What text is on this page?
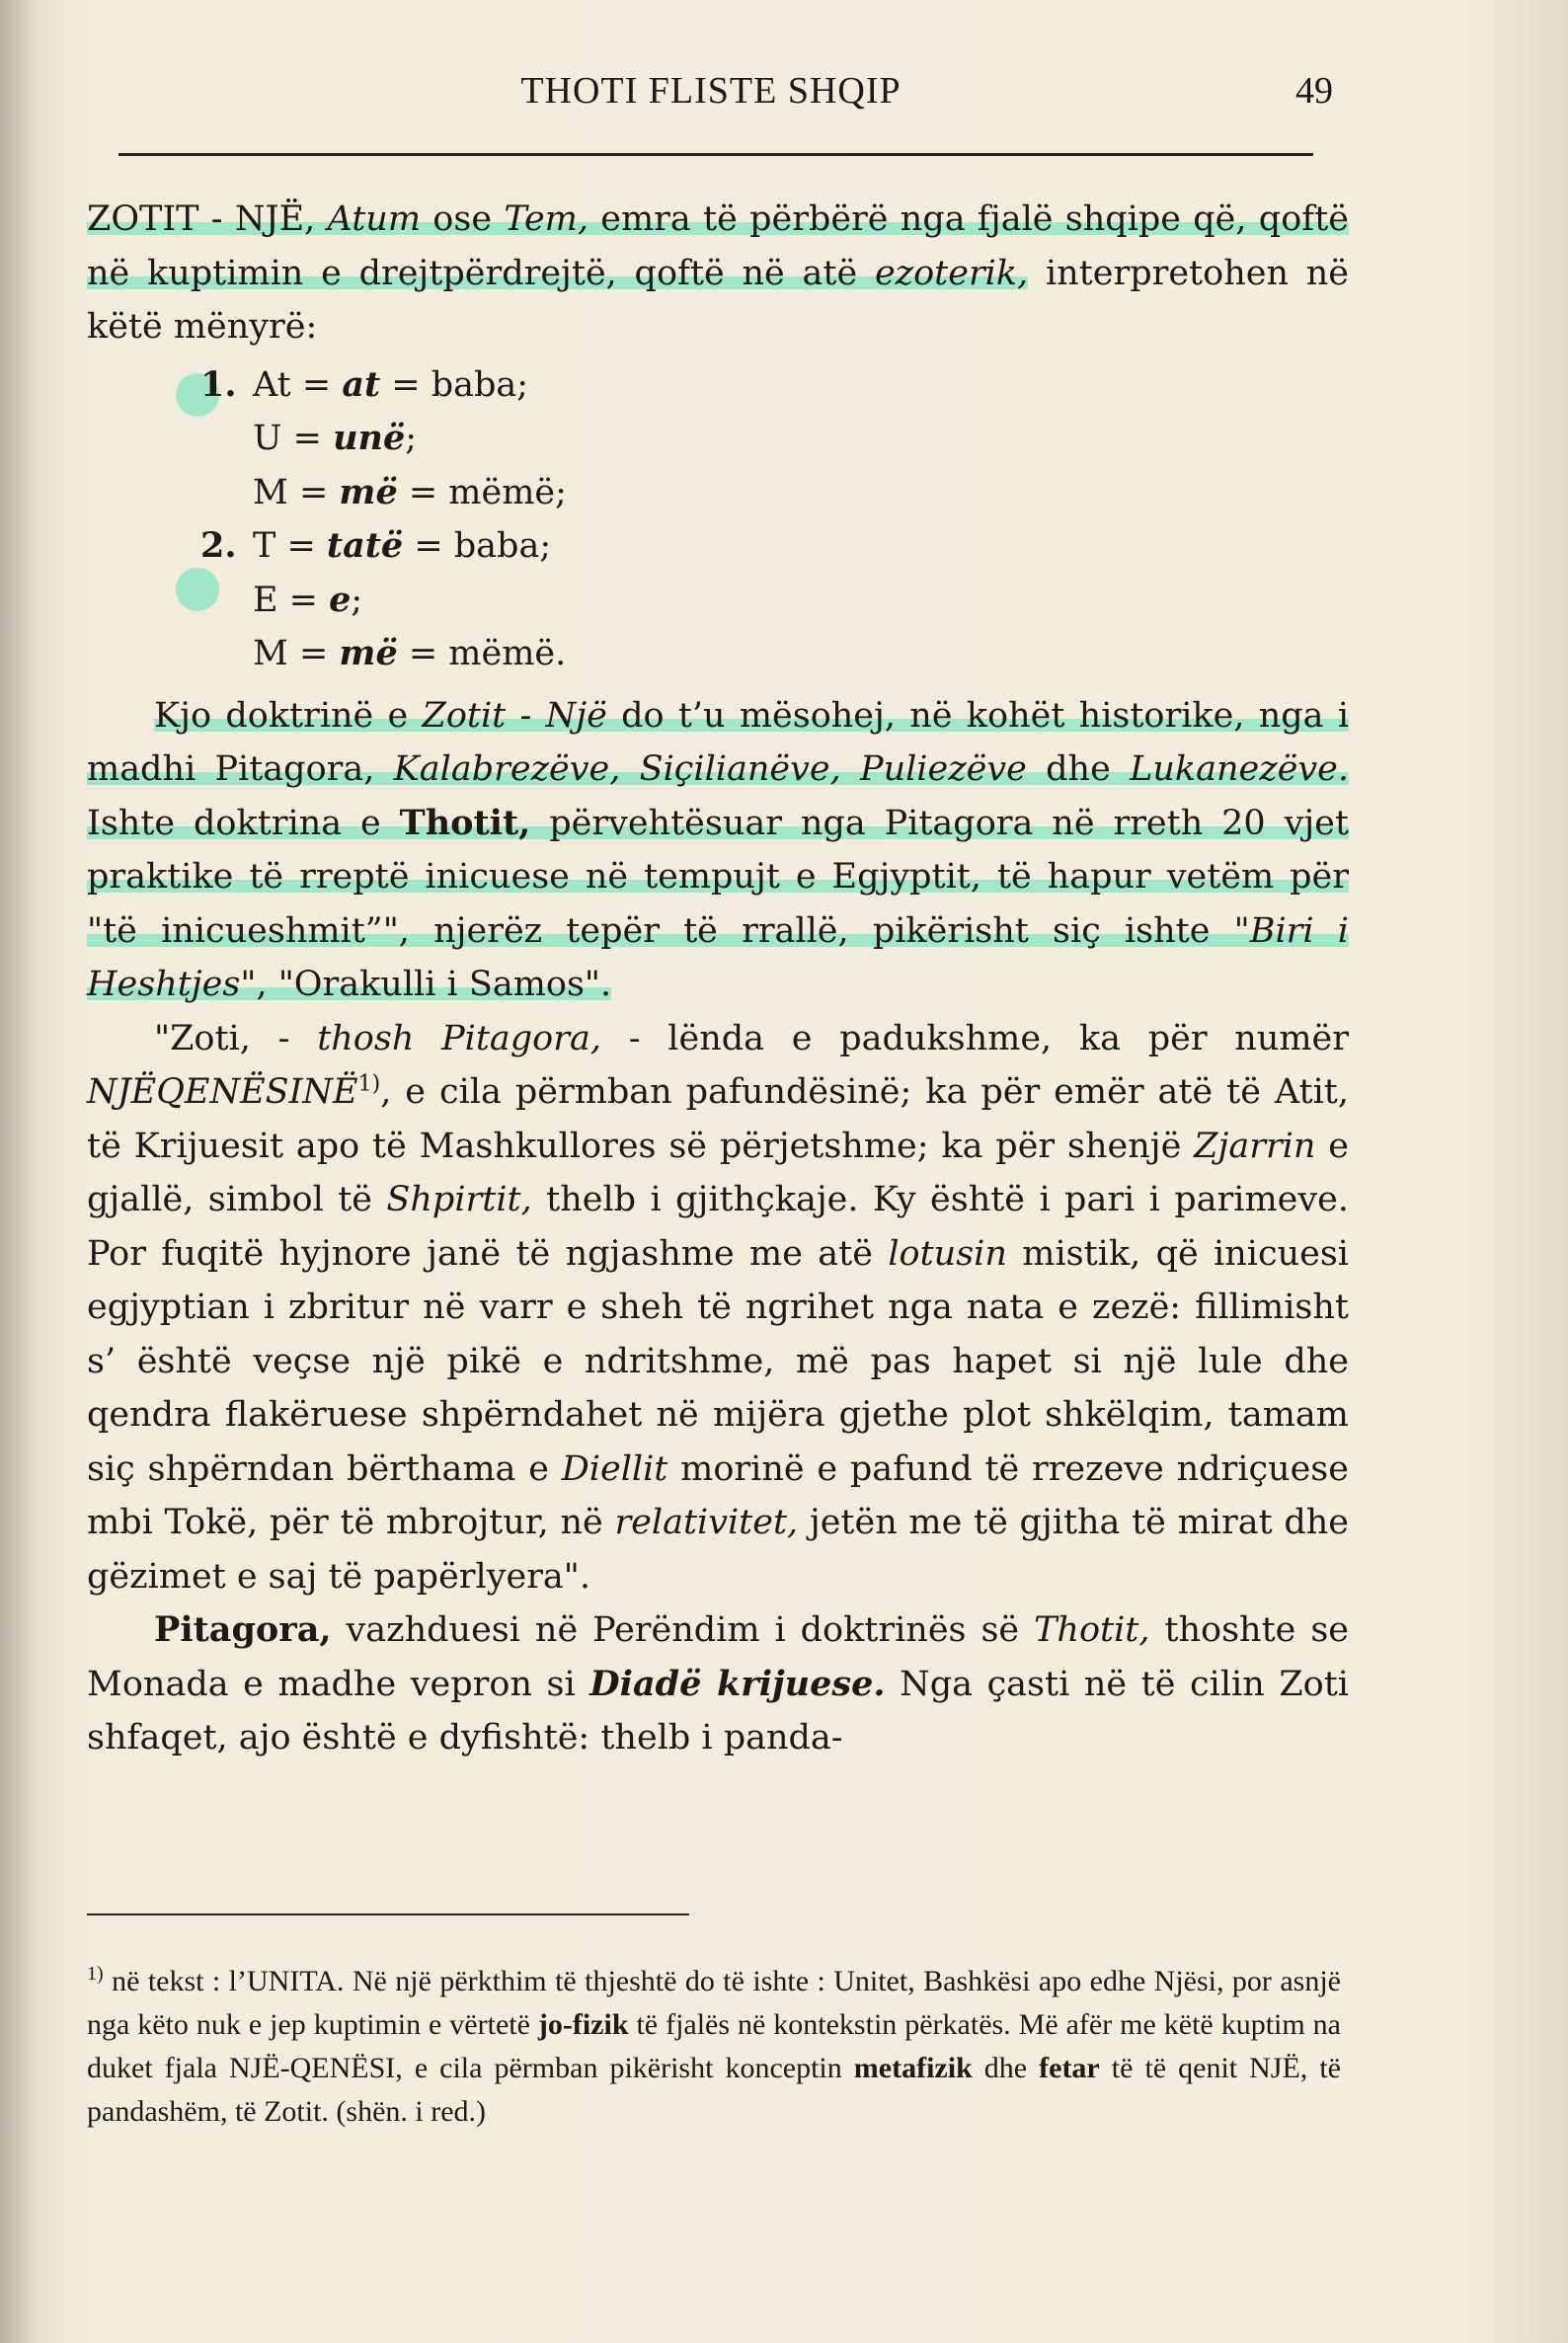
THOTI FLISTE SHQIP	49

ZOTIT - NJË, Atum ose Tem, emra të përbërë nga fjalë shqipe që, qoftë në kuptimin e drejtpërdrejtë, qoftë në atë ezoterik, interpretohen në këtë mënyrë:

1. At = at = baba;
U = unë;
M = më = mëmë;
2. T = tatë = baba;
E = e;
M = më = mëmë.

Kjo doktrinë e Zotit - Një do t’u mësohej, në kohët historike, nga i madhi Pitagora, Kalabrezëve, Siçilianëve, Puliezëve dhe Lukanezëve. Ishte doktrina e Thotit, përvehtësuar nga Pitagora në rreth 20 vjet praktike të rreptë inicuese në tempujt e Egjyptit, të hapur vetëm për "të inicueshmit”", njerëz tepër të rrallë, pikërisht siç ishte "Biri i Heshtjes", "Orakulli i Samos".

"Zoti, - thosh Pitagora, - lënda e padukshme, ka për numër NJËQENËSINË$^{1)}$, e cila përmban pafundësinë; ka për emër atë të Atit, të Krijuesit apo të Mashkullores së përjetshme; ka për shenjë Zjarrin e gjallë, simbol të Shpirtit, thelb i gjithçkaje. Ky është i pari i parimeve. Por fuqitë hyjnore janë të ngjashme me atë lotusin mistik, që inicuesi egjyptian i zbritur në varr e sheh të ngrihet nga nata e zezë: fillimisht s’ është veçse një pikë e ndritshme, më pas hapet si një lule dhe qendra flakëruese shpërndahet në mijëra gjethe plot shkëlqim, tamam siç shpërndan bërthama e Diellit morinë e pafund të rrezeve ndriçuese mbi Tokë, për të mbrojtur, në relativitet, jetën me të gjitha të mirat dhe gëzimet e saj të papërlyera".

Pitagora, vazhduesi në Perëndim i doktrinës së Thotit, thoshte se Monada e madhe vepron si Diadë krijuese. Nga çasti në të cilin Zoti shfaqet, ajo është e dyfishtë: thelb i panda-

$^{1)}$ në tekst : l’UNITA. Në një përkthim të thjeshtë do të ishte : Unitet, Bashkësi apo edhe Njësi, por asnjë nga këto nuk e jep kuptimin e vërtetë jo-fizik të fjalës në kontekstin përkatës. Më afër me këtë kuptim na duket fjala NJË-QENËSI, e cila përmban pikërisht konceptin metafizik dhe fetar të të qenit NJË, të pandashëm, të Zotit. (shën. i red.)
